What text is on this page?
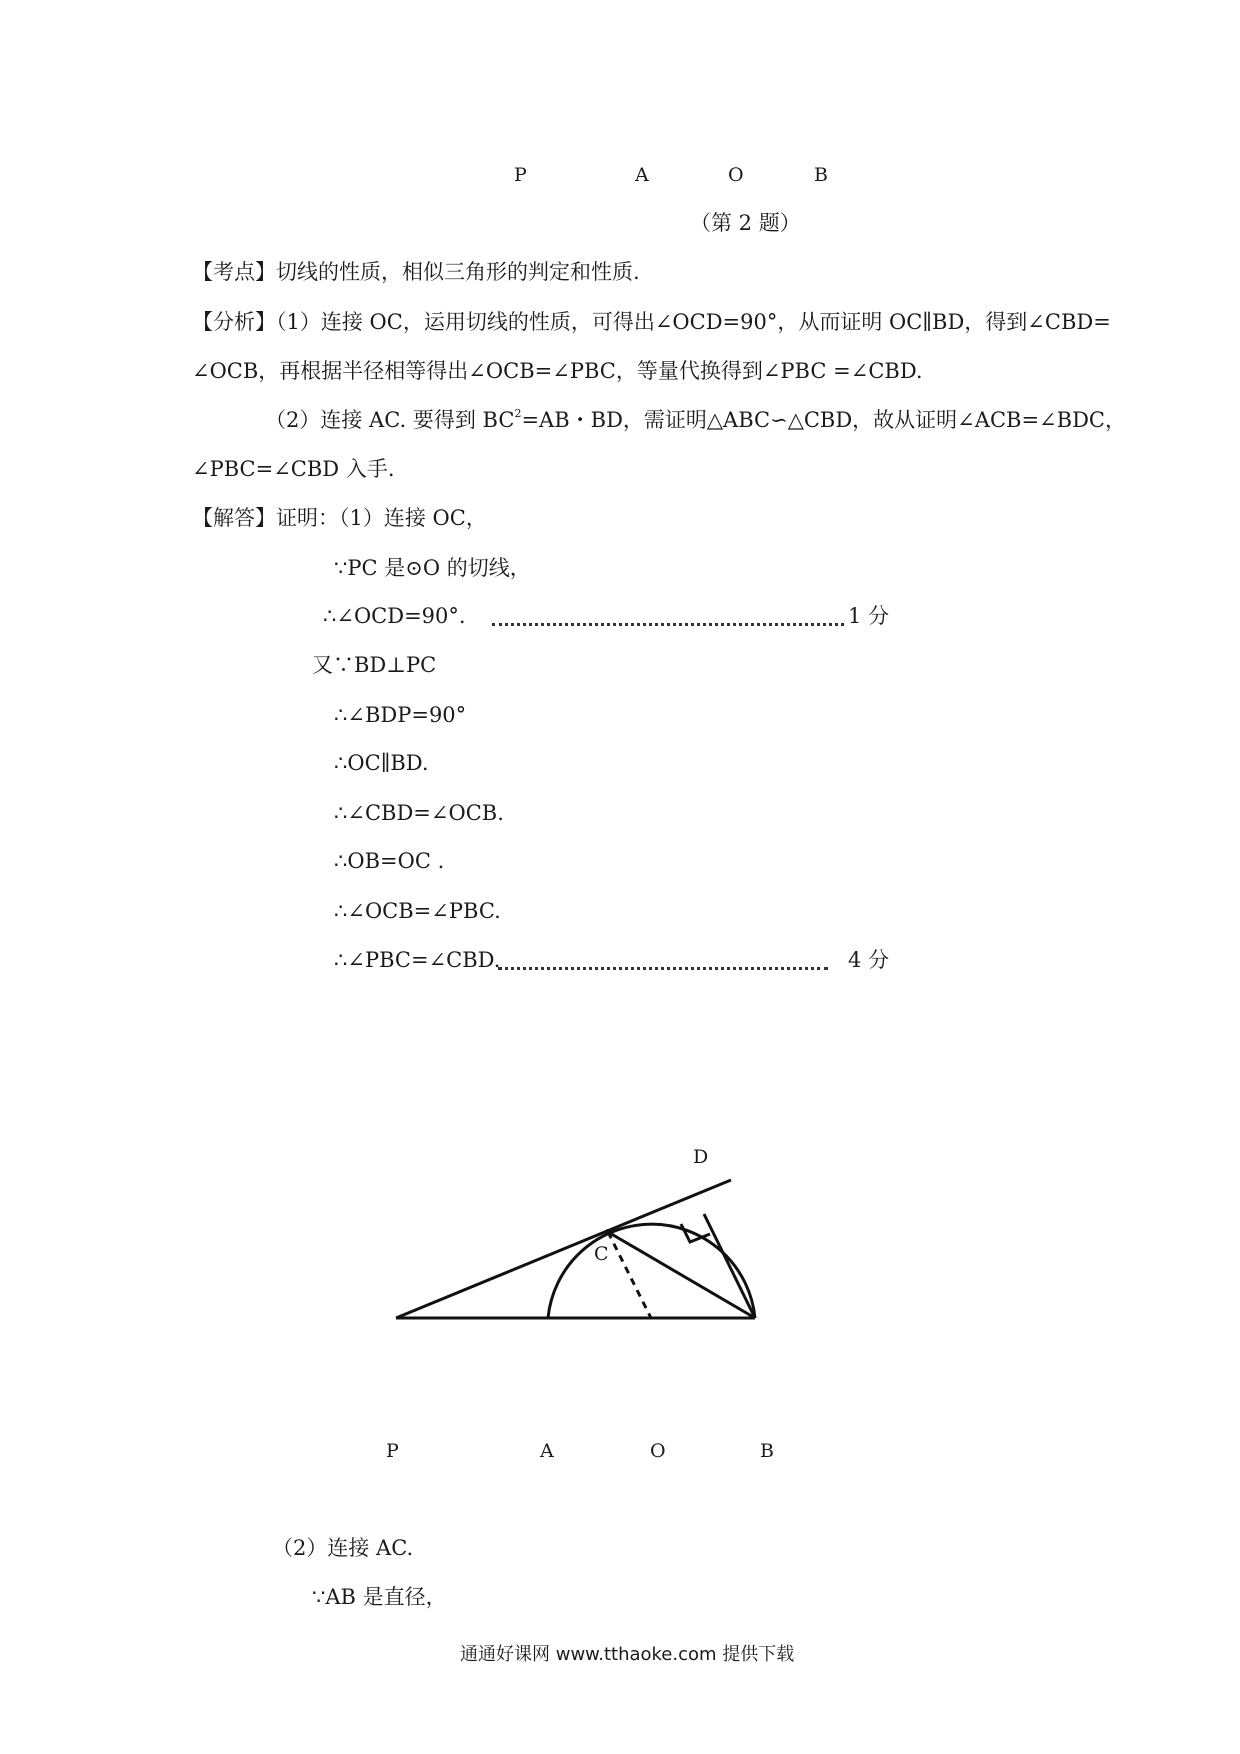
P	A	O	B
（第 2 题）
【考点】切线的性质，相似三角形的判定和性质.
【分析】（1）连接 OC，运用切线的性质，可得出∠OCD=90°，从而证明 OC∥BD，得到∠CBD=
∠OCB，再根据半径相等得出∠OCB=∠PBC，等量代换得到∠PBC =∠CBD.
（2）连接 AC. 要得到 $BC^2=AB$・BD，需证明△ABC∽△CBD，故从证明∠ACB=∠BDC，
∠PBC=∠CBD 入手.
【解答】证明：（1）连接 OC，
∵PC 是⊙O 的切线，
∴∠OCD=90°.	1 分
又∵BD⊥PC
∴∠BDP=90°
∴OC∥BD.
∴∠CBD=∠OCB.
∴OB=OC .
∴∠OCB=∠PBC.
∴∠PBC=∠CBD.	4 分
D
C
P	A	O	B
（2）连接 AC.
∵AB 是直径，
通通好课网 www.tthaoke.com 提供下载
